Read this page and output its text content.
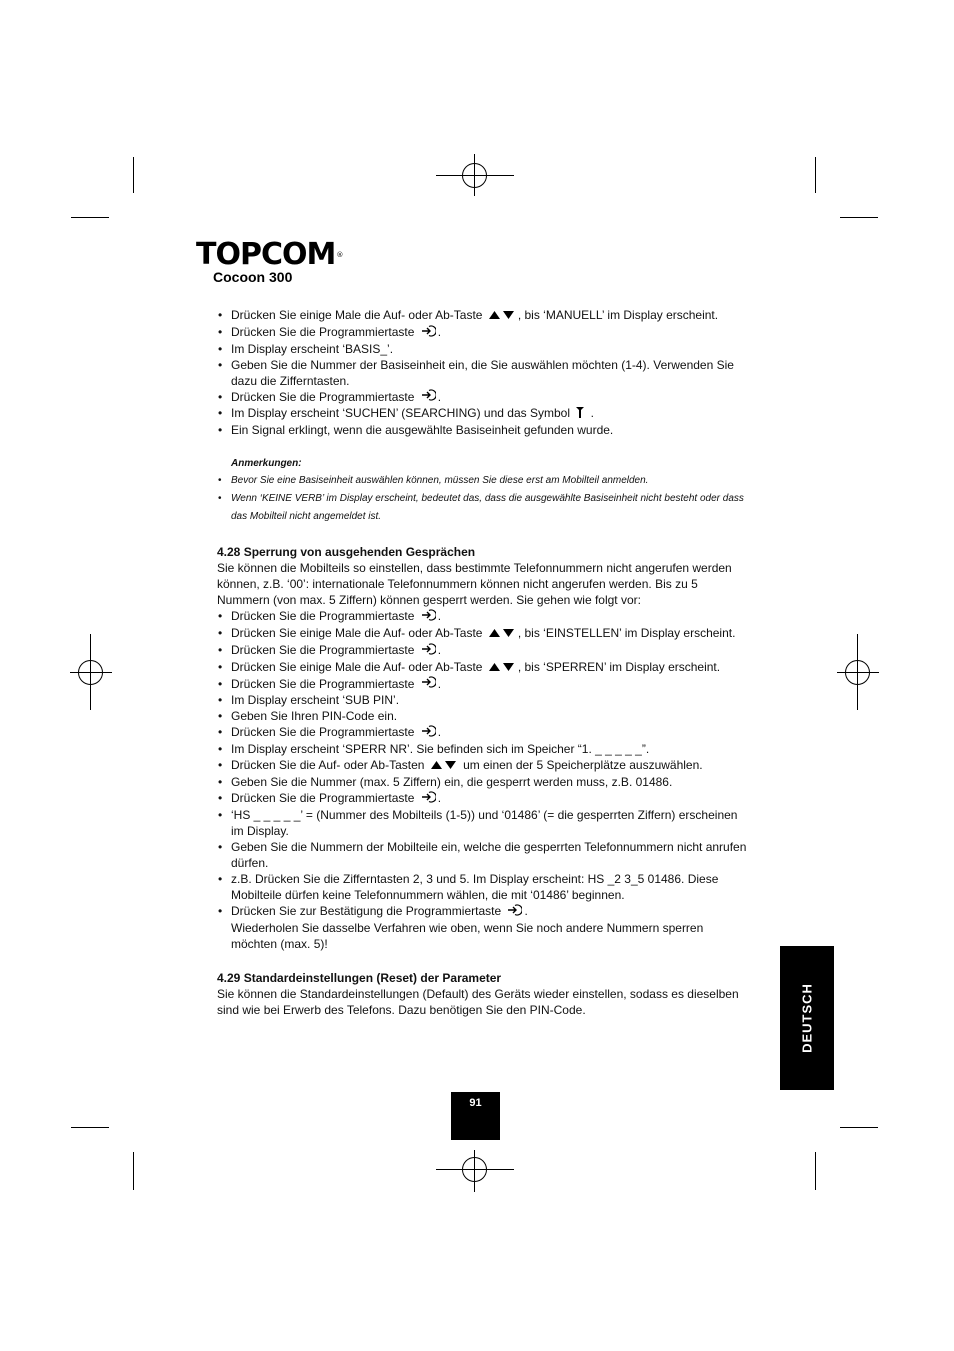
TOPCOM®
Cocoon 300
• Drücken Sie einige Male die Auf- oder Ab-Taste	, bis ‘MANUELL’ im Display erscheint.
• Drücken Sie die Programmiertaste .
• Im Display erscheint ‘BASIS_’.
• Geben Sie die Nummer der Basiseinheit ein, die Sie auswählen möchten (1-4). Verwenden Sie dazu die Zifferntasten.
• Drücken Sie die Programmiertaste .
• Im Display erscheint ‘SUCHEN’ (SEARCHING) und das Symbol  .
• Ein Signal erklingt, wenn die ausgewählte Basiseinheit gefunden wurde.
Anmerkungen:
• Bevor Sie eine Basiseinheit auswählen können, müssen Sie diese erst am Mobilteil anmelden.
• Wenn ‘KEINE VERB’ im Display erscheint, bedeutet das, dass die ausgewählte Basiseinheit nicht besteht oder dass das Mobilteil nicht angemeldet ist.
4.28 Sperrung von ausgehenden Gesprächen

Sie können die Mobilteils so einstellen, dass bestimmte Telefonnummern nicht angerufen werden können, z.B. ‘00’: internationale Telefonnummern können nicht angerufen werden. Bis zu 5 Nummern (von max. 5 Ziffern) können gesperrt werden. Sie gehen wie folgt vor:

• Drücken Sie die Programmiertaste .
• Drücken Sie einige Male die Auf- oder Ab-Taste	, bis ‘EINSTELLEN’ im Display erscheint.
• Drücken Sie die Programmiertaste .
• Drücken Sie einige Male die Auf- oder Ab-Taste	, bis ‘SPERREN’ im Display erscheint.
• Drücken Sie die Programmiertaste .
• Im Display erscheint ‘SUB PIN’.
• Geben Sie Ihren PIN-Code ein.
• Drücken Sie die Programmiertaste .
• Im Display erscheint ‘SPERR NR’. Sie befinden sich im Speicher “1. _ _ _ _ _”.
• Drücken Sie die Auf- oder Ab-Tasten	um einen der 5 Speicherplätze auszuwählen.
• Geben Sie die Nummer (max. 5 Ziffern) ein, die gesperrt werden muss, z.B. 01486.
• Drücken Sie die Programmiertaste .
• ‘HS _ _ _ _ _’ = (Nummer des Mobilteils (1-5)) und ‘01486’ (= die gesperrten Ziffern) erscheinen im Display.
• Geben Sie die Nummern der Mobilteile ein, welche die gesperrten Telefonnummern nicht anrufen dürfen.
• z.B. Drücken Sie die Zifferntasten 2, 3 und 5. Im Display erscheint: HS _2 3_5 01486. Diese Mobilteile dürfen keine Telefonnummern wählen, die mit ‘01486’ beginnen.
• Drücken Sie zur Bestätigung die Programmiertaste .
Wiederholen Sie dasselbe Verfahren wie oben, wenn Sie noch andere Nummern sperren möchten (max. 5)!
4.29 Standardeinstellungen (Reset) der Parameter

Sie können die Standardeinstellungen (Default) des Geräts wieder einstellen, sodass es dieselben sind wie bei Erwerb des Telefons. Dazu benötigen Sie den PIN-Code.	DEUTSCH
91
